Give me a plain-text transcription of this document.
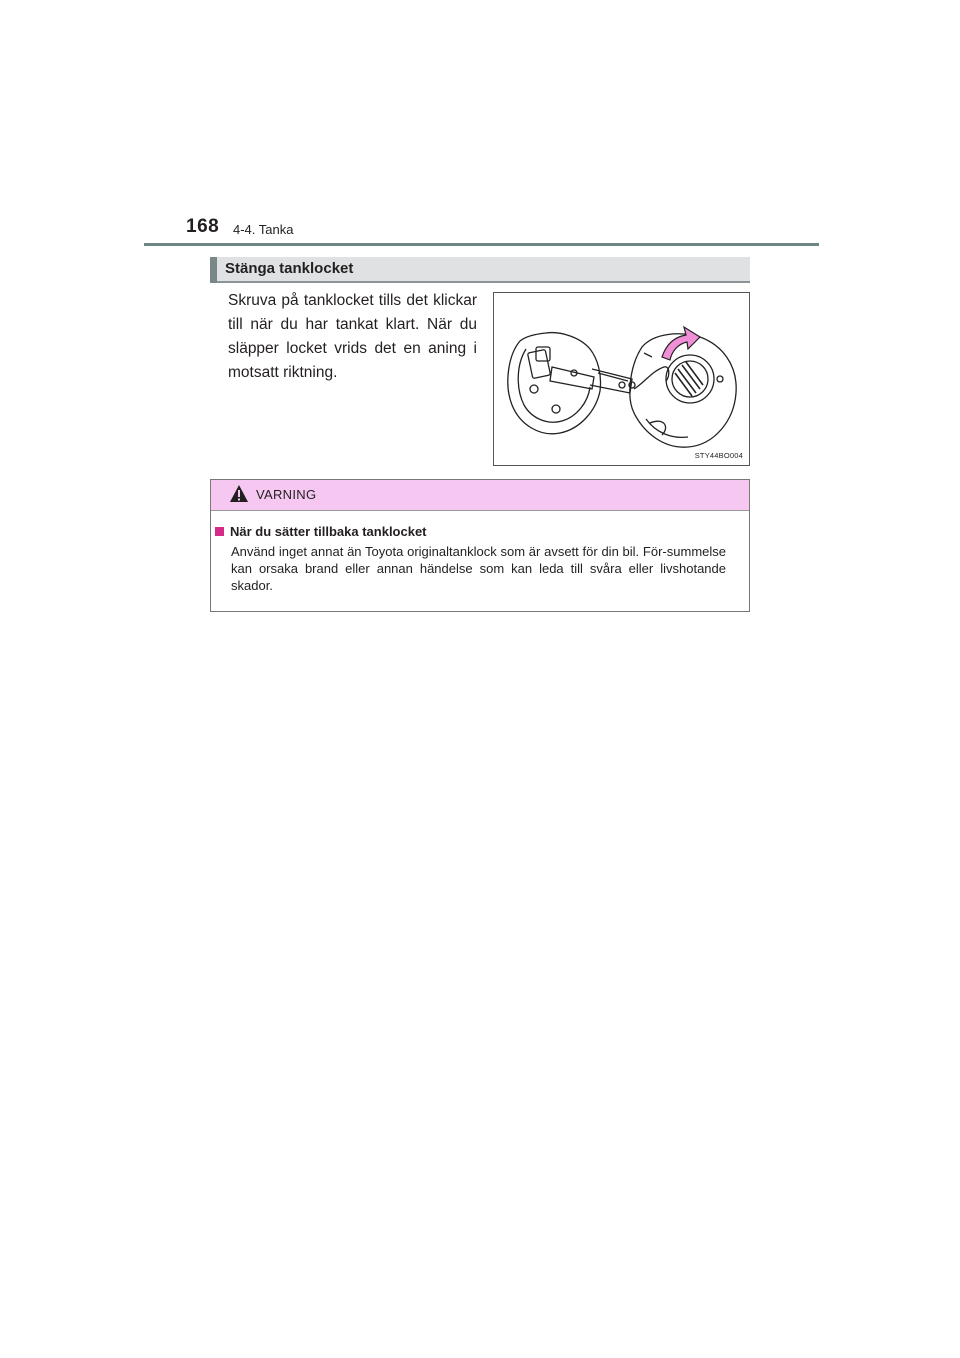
168 4-4. Tanka
Stänga tanklocket
Skruva på tanklocket tills det klickar till när du har tankat klart. När du släpper locket vrids det en aning i motsatt riktning.
STY44BO004
VARNING
När du sätter tillbaka tanklocket
Använd inget annat än Toyota originaltanklock som är avsett för din bil. För-summelse kan orsaka brand eller annan händelse som kan leda till svåra eller livshotande skador.
